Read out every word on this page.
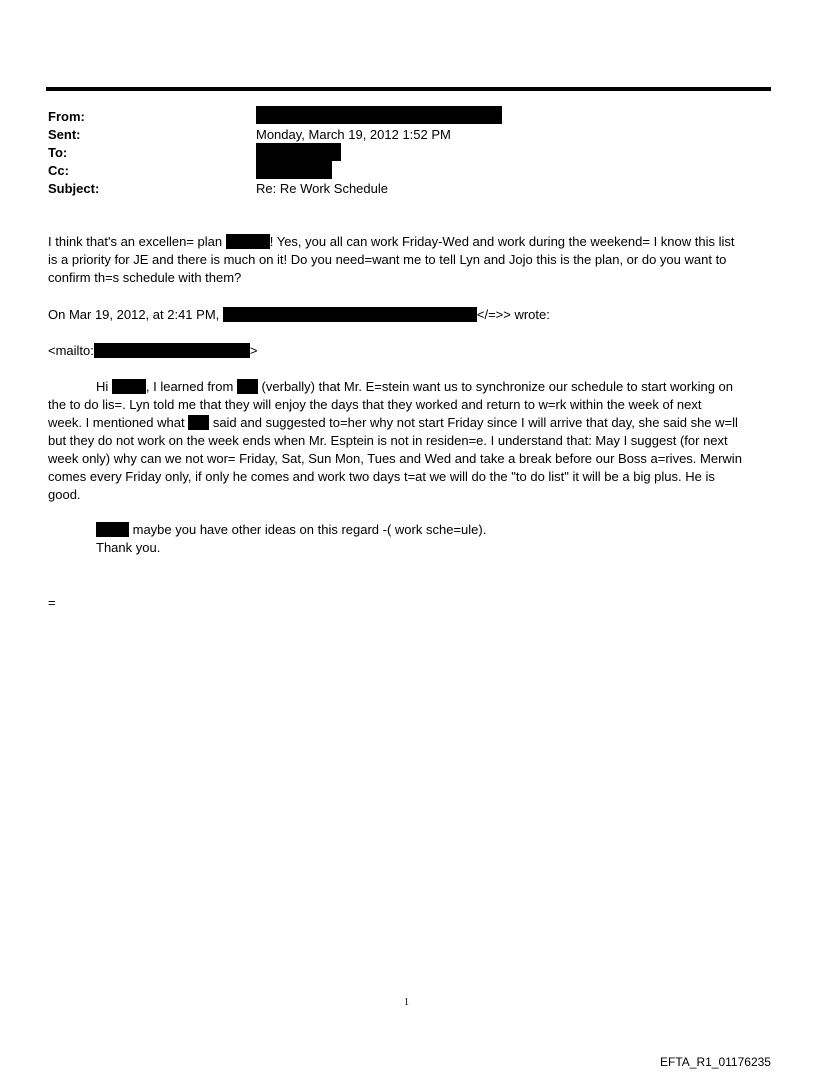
From:
Sent:	Monday, March 19, 2012 1:52 PM
To:
Cc:
Subject:	Re: Re Work Schedule
I think that's an excellen= plan	! Yes, you all can work Friday-Wed and work during the weekend= I know this list
is a priority for JE and there is much on it! Do you need=want me to tell Lyn and Jojo this is the plan, or do you want to
confirm th=s schedule with them?
On Mar 19, 2012, at 2:41 PM,	</=>> wrote:
<mailto:	>
Hi	, I learned from  (verbally) that Mr. E=stein want us to synchronize our schedule to start working on
the to do lis=. Lyn told me that they will enjoy the days that they worked and return to w=rk within the week of next
week. I mentioned what  said and suggested to=her why not start Friday since I will arrive that day, she said she w=ll
but they do not work on the week ends when Mr. Esptein is not in residen=e. I understand that: May I suggest (for next
week only) why can we not wor= Friday, Sat, Sun Mon, Tues and Wed and take a break before our Boss a=rives. Merwin
comes every Friday only, if only he comes and work two days t=at we will do the "to do list" it will be a big plus. He is
good.
maybe you have other ideas on this regard -( work sche=ule).
Thank you.
=
1
EFTA_R1_01176235
